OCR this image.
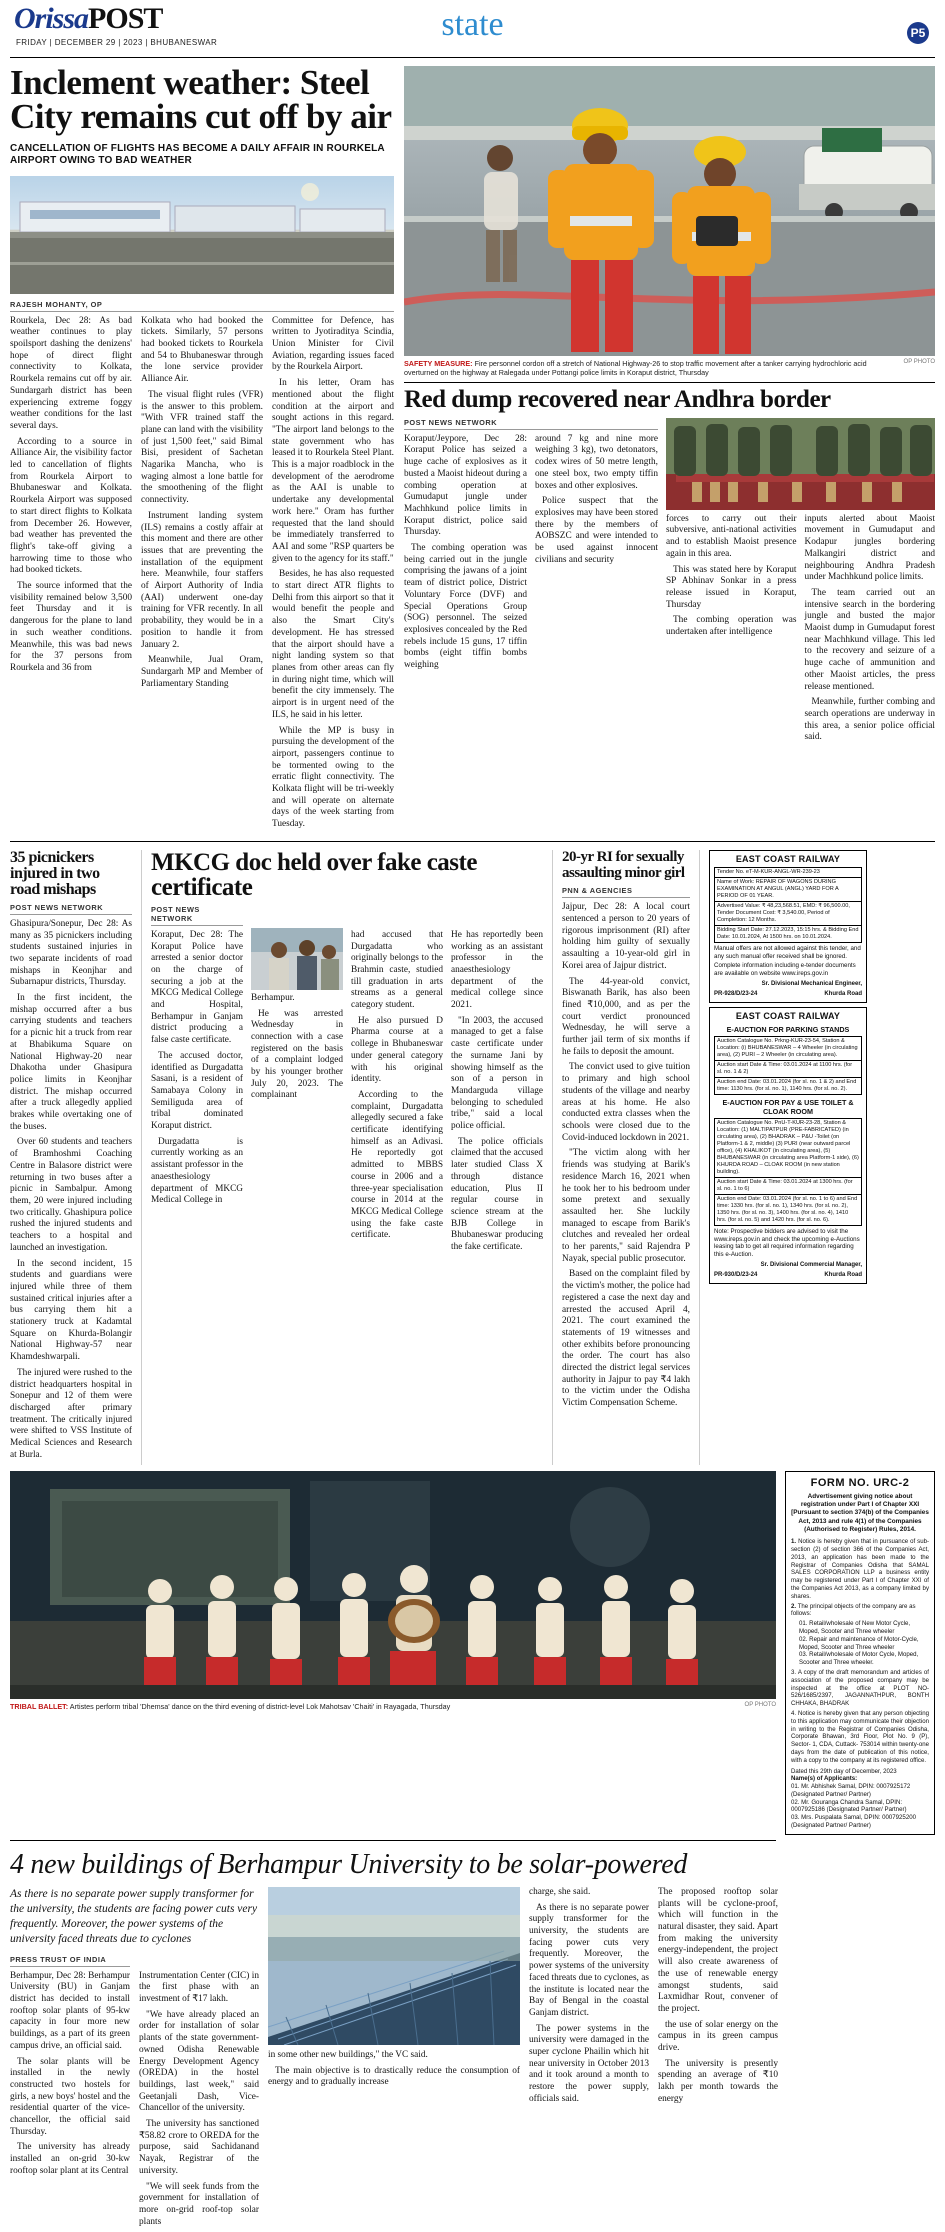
OrissaPOST
FRIDAY | DECEMBER 29 | 2023 | BHUBANESWAR	state	P5
Inclement weather: Steel City remains cut off by air
CANCELLATION OF FLIGHTS HAS BECOME A DAILY AFFAIR IN ROURKELA AIRPORT OWING TO BAD WEATHER
RAJESH MOHANTY, OP

Rourkela, Dec 28: As bad weather continues to play spoilsport dashing the denizens' hope of direct flight connectivity to Kolkata, Rourkela remains cut off by air. Sundargarh district has been experiencing extreme foggy weather conditions for the last several days.

According to a source in Alliance Air, the visibility factor led to cancellation of flights from Rourkela Airport to Bhubaneswar and Kolkata. Rourkela Airport was supposed to start direct flights to Kolkata from December 26. However, bad weather has prevented the flight's take-off giving a harrowing time to those who had booked tickets.

The source informed that the visibility remained below 3,500 feet Thursday and it is dangerous for the plane to land in such weather conditions. Meanwhile, this was bad news for the 37 persons from Rourkela and 36 from

Kolkata who had booked the tickets. Similarly, 57 persons had booked tickets to Rourkela and 54 to Bhubaneswar through the lone service provider Alliance Air.

The visual flight rules (VFR) is the answer to this problem. "With VFR trained staff the plane can land with the visibility of just 1,500 feet," said Bimal Bisi, president of Sachetan Nagarika Mancha, who is waging almost a lone battle for the smoothening of the flight connectivity.

Instrument landing system (ILS) remains a costly affair at this moment and there are other issues that are preventing the installation of the equipment here. Meanwhile, four staffers of Airport Authority of India (AAI) underwent one-day training for VFR recently. In all probability, they would be in a position to handle it from January 2.

Meanwhile, Jual Oram, Sundargarh MP and Member of Parliamentary Standing

Committee for Defence, has written to Jyotiraditya Scindia, Union Minister for Civil Aviation, regarding issues faced by the Rourkela Airport.

In his letter, Oram has mentioned about the flight condition at the airport and sought actions in this regard. "The airport land belongs to the state government who has leased it to Rourkela Steel Plant. This is a major roadblock in the development of the aerodrome as the AAI is unable to undertake any developmental work here." Oram has further requested that the land should be immediately transferred to AAI and some "RSP quarters be given to the agency for its staff."

Besides, he has also requested to start direct ATR flights to Delhi from this airport so that it would benefit the people and also the Smart City's development. He has stressed that the airport should have a night landing system so that planes from other areas can fly in during night time, which will benefit the city immensely. The airport is in urgent need of the ILS, he said in his letter.

While the MP is busy in pursuing the development of the airport, passengers continue to be tormented owing to the erratic flight connectivity. The Kolkata flight will be tri-weekly and will operate on alternate days of the week starting from Tuesday.

SAFETY MEASURE: Fire personnel cordon off a stretch of National Highway-26 to stop traffic movement after a tanker carrying hydrochloric acid overturned on the highway at Ralegada under Pottangi police limits in Koraput district, Thursday
OP PHOTO
Red dump recovered near Andhra border
POST NEWS NETWORK

Koraput/Jeypore, Dec 28: Koraput Police has seized a huge cache of explosives as it busted a Maoist hideout during a combing operation at Gumudaput jungle under Machhkund police limits in Koraput district, police said Thursday.

The combing operation was being carried out in the jungle comprising the jawans of a joint team of district police, District Voluntary Force (DVF) and Special Operations Group (SOG) personnel. The seized explosives concealed by the Red rebels include 15 guns, 17 tiffin bombs (eight tiffin bombs weighing

around 7 kg and nine more weighing 3 kg), two detonators, codex wires of 50 metre length, one steel box, two empty tiffin boxes and other explosives.

Police suspect that the explosives may have been stored there by the members of AOBSZC and were intended to be used against innocent civilians and security

forces to carry out their subversive, anti-national activities and to establish Maoist presence again in this area.

This was stated here by Koraput SP Abhinav Sonkar in a press release issued in Koraput, Thursday

The combing operation was undertaken after intelligence

inputs alerted about Maoist movement in Gumudaput and Kodapur jungles bordering Malkangiri district and neighbouring Andhra Pradesh under Machhkund police limits.

The team carried out an intensive search in the bordering jungle and busted the major Maoist dump in Gumudaput forest near Machhkund village. This led to the recovery and seizure of a huge cache of ammunition and other Maoist articles, the press release mentioned.

Meanwhile, further combing and search operations are underway in this area, a senior police official said.

35 picnickers injured in two road mishaps
POST NEWS NETWORK

Ghasipura/Sonepur, Dec 28: As many as 35 picnickers including students sustained injuries in two separate incidents of road mishaps in Keonjhar and Subarnapur districts, Thursday.

In the first incident, the mishap occurred after a bus carrying students and teachers for a picnic hit a truck from rear at Bhabikuma Square on National Highway-20 near Dhakotha under Ghasipura police limits in Keonjhar district. The mishap occurred after a truck allegedly applied brakes while overtaking one of the buses.

Over 60 students and teachers of Bramhoshmi Coaching Centre in Balasore district were returning in two buses after a picnic in Sambalpur. Among them, 20 were injured including two critically. Ghashipura police rushed the injured students and teachers to a hospital and launched an investigation.

In the second incident, 15 students and guardians were injured while three of them sustained critical injuries after a bus carrying them hit a stationery truck at Kadamtal Square on Khurda-Bolangir National Highway-57 near Khamdeshwarpali.

The injured were rushed to the district headquarters hospital in Sonepur and 12 of them were discharged after primary treatment. The critically injured were shifted to VSS Institute of Medical Sciences and Research at Burla.

MKCG doc held over fake caste certificate
POST NEWS NETWORK

Koraput, Dec 28: The Koraput Police have arrested a senior doctor on the charge of securing a job at the MKCG Medical College and Hospital, Berhampur in Ganjam district producing a false caste certificate.

The accused doctor, identified as Durgadatta Sasani, is a resident of Samabaya Colony in Semiliguda area of tribal dominated Koraput district.

Durgadatta is currently working as an assistant professor in the anaesthesiology department of MKCG Medical College in

Berhampur.

He was arrested Wednesday in connection with a case registered on the basis of a complaint lodged by his younger brother July 20, 2023. The complainant

had accused that Durgadatta who originally belongs to the Brahmin caste, studied till graduation in arts streams as a general category student.

He also pursued D Pharma course at a college in Bhubaneswar under general category with his original identity.

According to the complaint, Durgadatta allegedly secured a fake certificate identifying himself as an Adivasi. He reportedly got admitted to MBBS course in 2006 and a three-year specialisation course in 2014 at the MKCG Medical College using the fake caste certificate.

He has reportedly been working as an assistant professor in the anaesthesiology department of the medical college since 2021.

"In 2003, the accused managed to get a false caste certificate under the surname Jani by showing himself as the son of a person in Mandarguda village belonging to scheduled tribe," said a local police official.

The police officials claimed that the accused later studied Class X through distance education, Plus II regular course in science stream at the BJB College in Bhubaneswar producing the fake certificate.

20-yr RI for sexually assaulting minor girl
PNN & AGENCIES

Jajpur, Dec 28: A local court sentenced a person to 20 years of rigorous imprisonment (RI) after holding him guilty of sexually assaulting a 10-year-old girl in Korei area of Jajpur district.

The 44-year-old convict, Biswanath Barik, has also been fined ₹10,000, and as per the court verdict pronounced Wednesday, he will serve a further jail term of six months if he fails to deposit the amount.

The convict used to give tuition to primary and high school students of the village and nearby areas at his home. He also conducted extra classes when the schools were closed due to the Covid-induced lockdown in 2021.

"The victim along with her friends was studying at Barik's residence March 16, 2021 when he took her to his bedroom under some pretext and sexually assaulted her. She luckily managed to escape from Barik's clutches and revealed her ordeal to her parents," said Rajendra P Nayak, special public prosecutor.

Based on the complaint filed by the victim's mother, the police had registered a case the next day and arrested the accused April 4, 2021. The court examined the statements of 19 witnesses and other exhibits before pronouncing the order. The court has also directed the district legal services authority in Jajpur to pay ₹4 lakh to the victim under the Odisha Victim Compensation Scheme.

EAST COAST RAILWAY
Tender No. eT-M-KUR-ANGL-WR-239-23
Name of Work: REPAIR OF WAGONS DURING EXAMINATION AT ANGUL (ANGL) YARD FOR A PERIOD OF 01 YEAR.
Advertised Value: ₹ 48,23,568.51, EMD: ₹ 96,500.00, Tender Document Cost: ₹ 3,540.00, Period of Completion: 12 Months.
Bidding Start Date: 27.12.2023, 15:15 hrs. & Bidding End Date: 10.01.2024, At 1500 hrs. on 10.01.2024.
Manual offers are not allowed against this tender, and any such manual offer received shall be ignored.
Complete information including e-tender documents are available on website www.ireps.gov.in
Sr. Divisional Mechanical Engineer,
PR-928/D/23-24	Khurda Road
EAST COAST RAILWAY
E-AUCTION FOR PARKING STANDS
Auction Catalogue No. Prkng-KUR-23-54, Station & Location: (i) BHUBANESWAR – 4 Wheeler (in circulating area), (2) PURI – 2 Wheeler (in circulating area).
Auction start Date & Time: 03.01.2024 at 1100 hrs. (for sl. no. 1 & 2)
Auction end Date: 03.01.2024 (for sl. no. 1 & 2) and End time: 1130 hrs. (for sl. no. 1), 1140 hrs. (for sl. no. 2).
E-AUCTION FOR PAY & USE TOILET & CLOAK ROOM
Auction Catalogue No. PnU-T-KUR-23-28, Station & Location: (1) MALTIPATPUR (PRE-FABRICATED) (in circulating area), (2) BHADRAK – P&U -Toilet (on Platform-1 & 2, middle) (3) PURI (near outward parcel office), (4) KHALIKOT (in circulating area), (5) BHUBANESWAR (in circulating area Platform-1 side), (6) KHURDA ROAD – CLOAK ROOM (in new station building).
Auction start Date & Time: 03.01.2024 at 1300 hrs. (for sl. no. 1 to 6)
Auction end Date: 03.01.2024 (for sl. no. 1 to 6) and End time: 1330 hrs. (for sl. no. 1), 1340 hrs. (for sl. no. 2), 1350 hrs. (for sl. no. 3), 1400 hrs. (for sl. no. 4), 1410 hrs. (for sl. no. 5) and 1420 hrs. (for sl. no. 6).
Note: Prospective bidders are advised to visit the www.ireps.gov.in and check the upcoming e-Auctions leasing tab to get all required information regarding this e-Auction.
Sr. Divisional Commercial Manager,
PR-930/D/23-24	Khurda Road
TRIBAL BALLET: Artistes perform tribal 'Dhemsa' dance on the third evening of district-level Lok Mahotsav 'Chaiti' in Rayagada, Thursday	OP PHOTO
FORM NO. URC-2
Advertisement giving notice about registration under Part I of Chapter XXI [Pursuant to section 374(b) of the Companies Act, 2013 and rule 4(1) of the Companies (Authorised to Register) Rules, 2014.
1. Notice is hereby given that in pursuance of sub-section (2) of section 366 of the Companies Act, 2013, an application has been made to the Registrar of Companies Odisha that SAMAL SALES CORPORATION LLP a business entity may be registered under Part I of Chapter XXI of the Companies Act 2013, as a company limited by shares.
2. The principal objects of the company are as follows:
01. Retail/wholesale of New Motor Cycle, Moped, Scooter and Three wheeler
02. Repair and maintenance of Motor-Cycle, Moped, Scooter and Three wheeler
03. Retail/wholesale of Motor Cycle, Moped, Scooter and Three wheeler.
3. A copy of the draft memorandum and articles of association of the proposed company may be inspected at the office at PLOT NO-526/1685/2397, JAGANNATHPUR, BONTH CHHAKA, BHADRAK
4. Notice is hereby given that any person objecting to this application may communicate their objection in writing to the Registrar of Companies Odisha, Corporate Bhawan, 3rd Floor, Plot No. 9 (P), Sector- 1, CDA, Cuttack- 753014 within twenty-one days from the date of publication of this notice, with a copy to the company at its registered office.
Dated this 29th day of December, 2023
Name(s) of Applicants:
01. Mr. Abhishek Samal, DPIN: 0007925172 (Designated Partner/ Partner)
02. Mr. Gouranga Chandra Samal, DPIN: 0007925186 (Designated Partner/ Partner)
03. Mrs. Puspalata Samal, DPIN: 0007925200 (Designated Partner/ Partner)
4 new buildings of Berhampur University to be solar-powered
As there is no separate power supply transformer for the university, the students are facing power cuts very frequently. Moreover, the power systems of the university faced threats due to cyclones
PRESS TRUST OF INDIA

Berhampur, Dec 28: Berhampur University (BU) in Ganjam district has decided to install rooftop solar plants of 95-kw capacity in four more new buildings, as a part of its green campus drive, an official said.

The solar plants will be installed in the newly constructed two hostels for girls, a new boys' hostel and the residential quarter of the vice-chancellor, the official said Thursday.

The university has already installed an on-grid 30-kw rooftop solar plant at its Central

Instrumentation Center (CIC) in the first phase with an investment of ₹17 lakh.

"We have already placed an order for installation of solar plants of the state government-owned Odisha Renewable Energy Development Agency (OREDA) in the hostel buildings, last week," said Geetanjali Dash, Vice-Chancellor of the university.

The university has sanctioned ₹58.82 crore to OREDA for the purpose, said Sachidanand Nayak, Registrar of the university.

"We will seek funds from the government for installation of more on-grid roof-top solar plants

in some other new buildings," the VC said.

The main objective is to drastically reduce the consumption of energy and to gradually increase

charge, she said.

As there is no separate power supply transformer for the university, the students are facing power cuts very frequently. Moreover, the power systems of the university faced threats due to cyclones, as the institute is located near the Bay of Bengal in the coastal Ganjam district.

The power systems in the university were damaged in the super cyclone Phailin which hit near university in October 2013 and it took around a month to restore the power supply, officials said.

The proposed rooftop solar plants will be cyclone-proof, which will function in the natural disaster, they said. Apart from making the university energy-independent, the project will also create awareness of the use of renewable energy amongst students, said Laxmidhar Rout, convener of the project.

the use of solar energy on the campus in its green campus drive.

The university is presently spending an average of ₹10 lakh per month towards the energy
